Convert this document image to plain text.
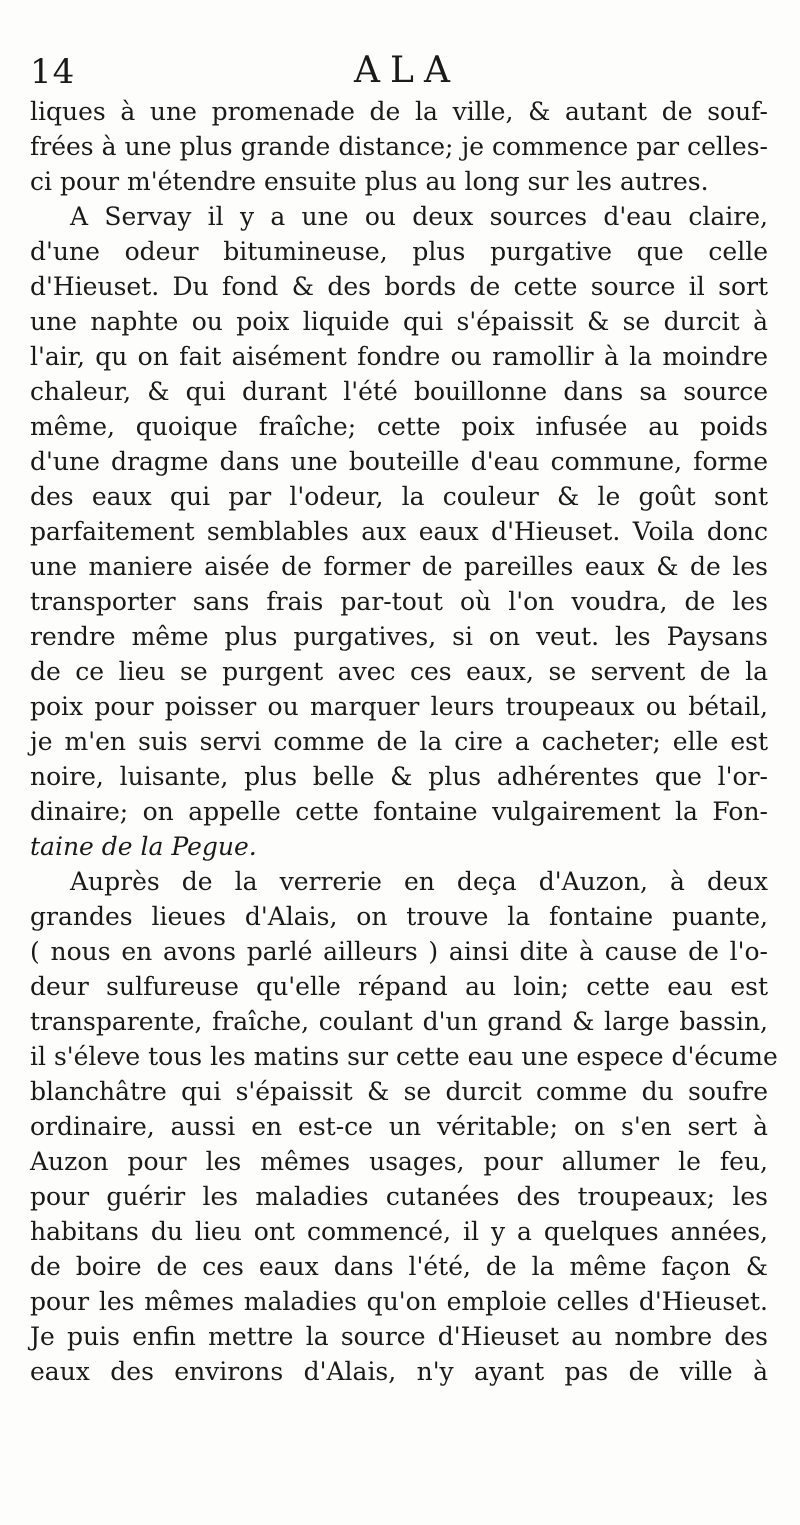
14	ALA
liques à une promenade de la ville, & autant de souf-
frées à une plus grande distance; je commence par celles-
ci pour m'étendre ensuite plus au long sur les autres.
A Servay il y a une ou deux sources d'eau claire,
d'une odeur bitumineuse, plus purgative que celle
d'Hieuset. Du fond & des bords de cette source il sort
une naphte ou poix liquide qui s'épaissit & se durcit à
l'air, qu on fait aisément fondre ou ramollir à la moindre
chaleur, & qui durant l'été bouillonne dans sa source
même, quoique fraîche; cette poix infusée au poids
d'une dragme dans une bouteille d'eau commune, forme
des eaux qui par l'odeur, la couleur & le goût sont
parfaitement semblables aux eaux d'Hieuset. Voila donc
une maniere aisée de former de pareilles eaux & de les
transporter sans frais par-tout où l'on voudra, de les
rendre même plus purgatives, si on veut. les Paysans
de ce lieu se purgent avec ces eaux, se servent de la
poix pour poisser ou marquer leurs troupeaux ou bétail,
je m'en suis servi comme de la cire a cacheter; elle est
noire, luisante, plus belle & plus adhérentes que l'or-
dinaire; on appelle cette fontaine vulgairement la Fon-
taine de la Pegue.
Auprès de la verrerie en deça d'Auzon, à deux
grandes lieues d'Alais, on trouve la fontaine puante,
( nous en avons parlé ailleurs ) ainsi dite à cause de l'o-
deur sulfureuse qu'elle répand au loin; cette eau est
transparente, fraîche, coulant d'un grand & large bassin,
il s'éleve tous les matins sur cette eau une espece d'écume
blanchâtre qui s'épaissit & se durcit comme du soufre
ordinaire, aussi en est-ce un véritable; on s'en sert à
Auzon pour les mêmes usages, pour allumer le feu,
pour guérir les maladies cutanées des troupeaux; les
habitans du lieu ont commencé, il y a quelques années,
de boire de ces eaux dans l'été, de la même façon &
pour les mêmes maladies qu'on emploie celles d'Hieuset.
Je puis enfin mettre la source d'Hieuset au nombre des
eaux des environs d'Alais, n'y ayant pas de ville à
